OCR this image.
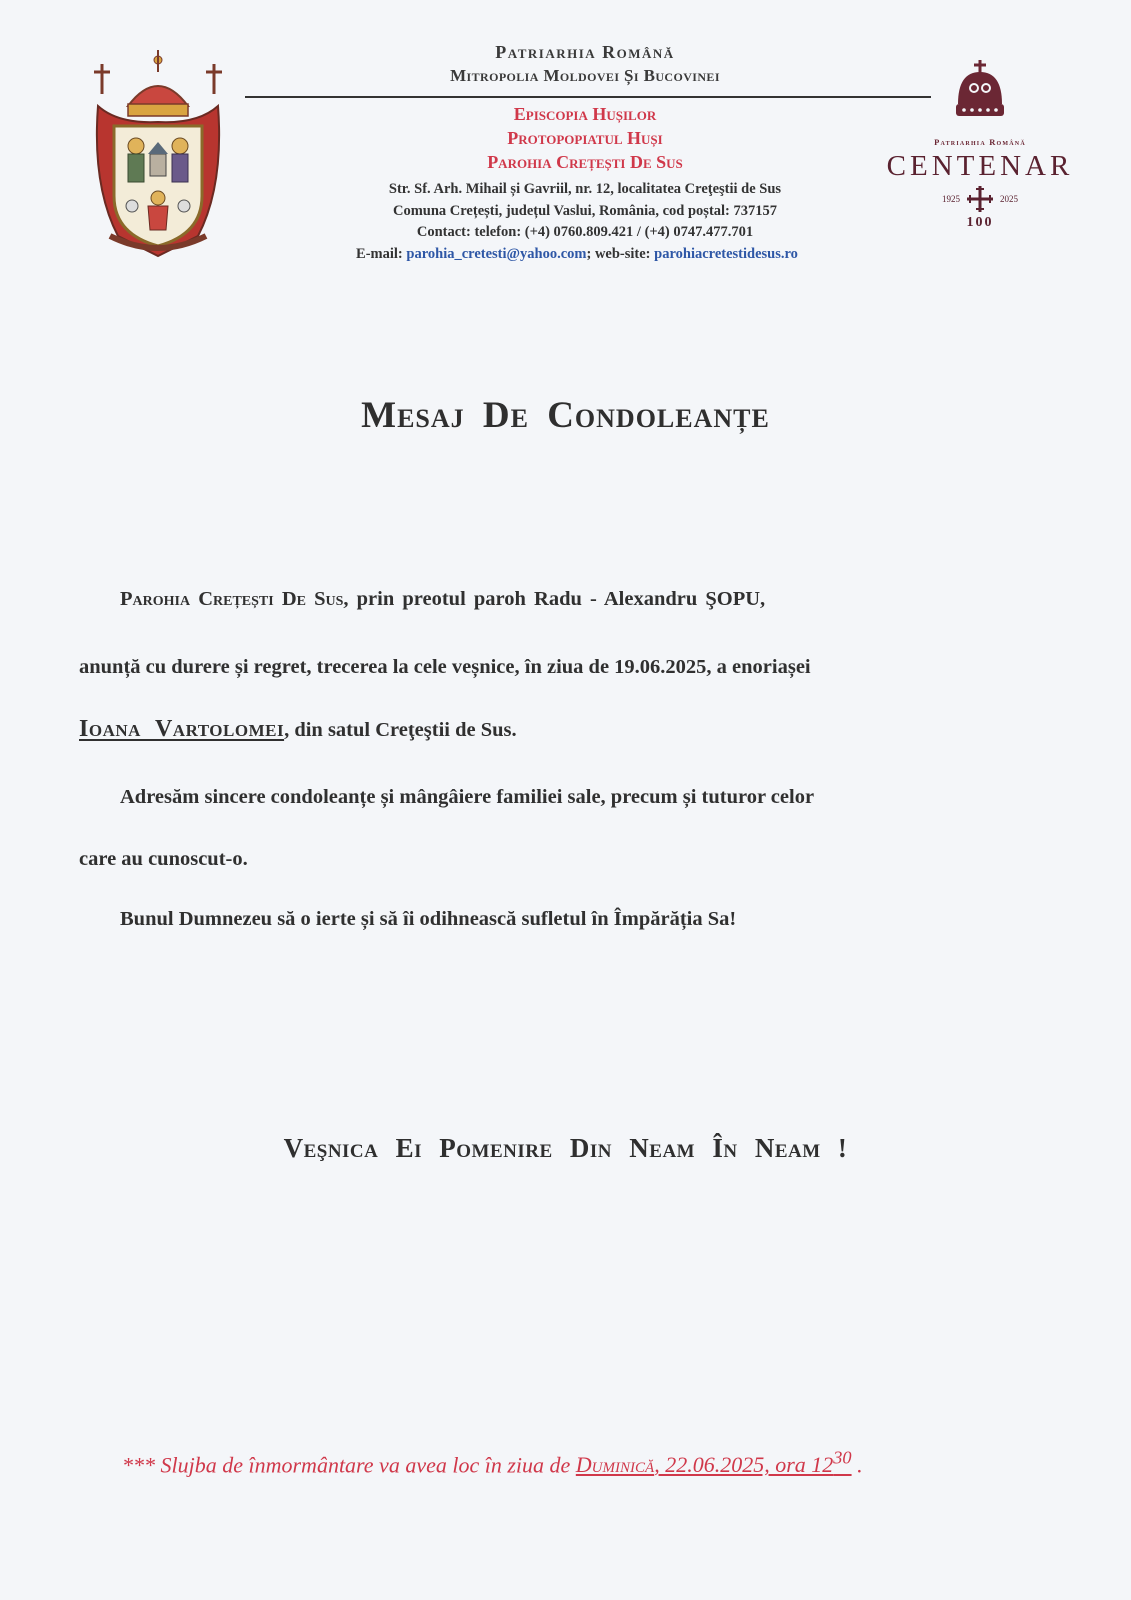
Patriarhia Română
Mitropolia Moldovei Și Bucovinei
Episcopia Hușilor
Protopopiatul Huși
Parohia Crețești De Sus
Str. Sf. Arh. Mihail și Gavriil, nr. 12, localitatea Creţeştii de Sus
Comuna Crețești, județul Vaslui, România, cod poștal: 737157
Contact: telefon: (+4) 0760.809.421 / (+4) 0747.477.701
E-mail: parohia_cretesti@yahoo.com; web-site: parohiacretestidesus.ro
Patriarhia Română
CENTENAR
1925	2025
100
Mesaj De Condoleanțe
Parohia Crețești De Sus, prin preotul paroh Radu - Alexandru ŞOPU,
anunță cu durere și regret, trecerea la cele veșnice, în ziua de 19.06.2025, a enoriașei
Ioana Vartolomei, din satul Creţeştii de Sus.
Adresăm sincere condoleanțe și mângâiere familiei sale, precum și tuturor celor
care au cunoscut-o.
Bunul Dumnezeu să o ierte și să îi odihnească sufletul în Împărăția Sa!
Veşnica Ei Pomenire Din Neam În Neam !
*** Slujba de înmormântare va avea loc în ziua de Duminică, 22.06.2025, ora $12^{30}$ .
